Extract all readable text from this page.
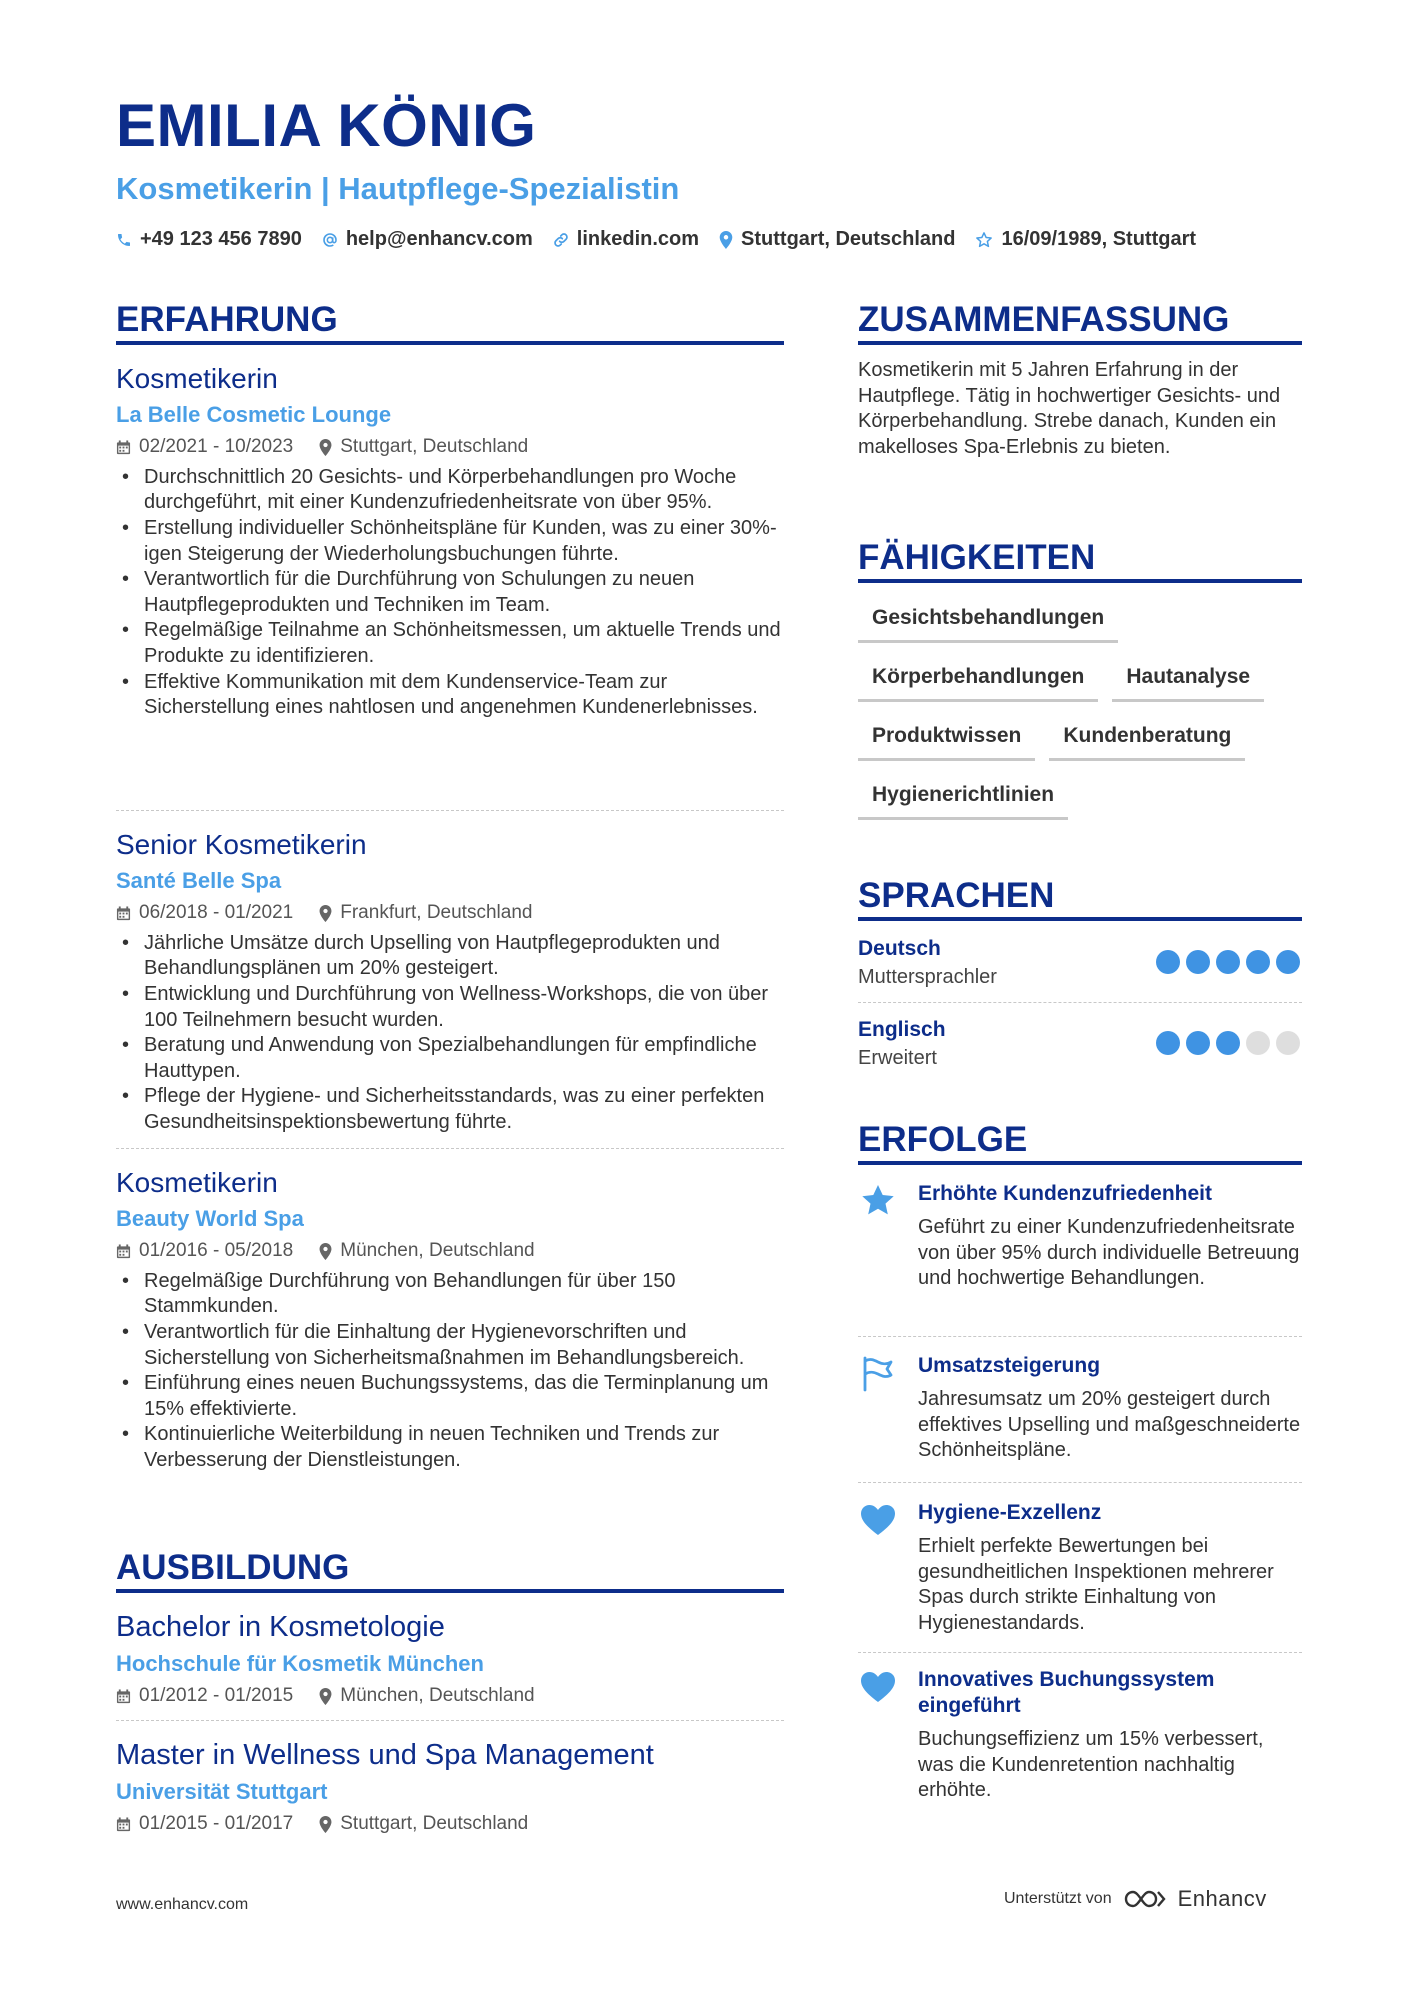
EMILIA KÖNIG
Kosmetikerin | Hautpflege-Spezialistin
+49 123 456 7890 help@enhancv.com linkedin.com Stuttgart, Deutschland 16/09/1989, Stuttgart
ERFAHRUNG
Kosmetikerin
La Belle Cosmetic Lounge
02/2021 - 10/2023 Stuttgart, Deutschland
• Durchschnittlich 20 Gesichts- und Körperbehandlungen pro Woche durchgeführt, mit einer Kundenzufriedenheitsrate von über 95%.
• Erstellung individueller Schönheitspläne für Kunden, was zu einer 30%-igen Steigerung der Wiederholungsbuchungen führte.
• Verantwortlich für die Durchführung von Schulungen zu neuen Hautpflegeprodukten und Techniken im Team.
• Regelmäßige Teilnahme an Schönheitsmessen, um aktuelle Trends und Produkte zu identifizieren.
• Effektive Kommunikation mit dem Kundenservice-Team zur Sicherstellung eines nahtlosen und angenehmen Kundenerlebnisses.
Senior Kosmetikerin
Santé Belle Spa
06/2018 - 01/2021 Frankfurt, Deutschland
• Jährliche Umsätze durch Upselling von Hautpflegeprodukten und Behandlungsplänen um 20% gesteigert.
• Entwicklung und Durchführung von Wellness-Workshops, die von über 100 Teilnehmern besucht wurden.
• Beratung und Anwendung von Spezialbehandlungen für empfindliche Hauttypen.
• Pflege der Hygiene- und Sicherheitsstandards, was zu einer perfekten Gesundheitsinspektionsbewertung führte.
Kosmetikerin
Beauty World Spa
01/2016 - 05/2018 München, Deutschland
• Regelmäßige Durchführung von Behandlungen für über 150 Stammkunden.
• Verantwortlich für die Einhaltung der Hygienevorschriften und Sicherstellung von Sicherheitsmaßnahmen im Behandlungsbereich.
• Einführung eines neuen Buchungssystems, das die Terminplanung um 15% effektivierte.
• Kontinuierliche Weiterbildung in neuen Techniken und Trends zur Verbesserung der Dienstleistungen.
AUSBILDUNG
Bachelor in Kosmetologie
Hochschule für Kosmetik München
01/2012 - 01/2015 München, Deutschland
Master in Wellness und Spa Management
Universität Stuttgart
01/2015 - 01/2017 Stuttgart, Deutschland
ZUSAMMENFASSUNG
Kosmetikerin mit 5 Jahren Erfahrung in der Hautpflege. Tätig in hochwertiger Gesichts- und Körperbehandlung. Strebe danach, Kunden ein makelloses Spa-Erlebnis zu bieten.
FÄHIGKEITEN
Gesichtsbehandlungen
Körperbehandlungen	Hautanalyse
Produktwissen	Kundenberatung
Hygienerichtlinien
SPRACHEN
Deutsch
Muttersprachler
Englisch
Erweitert
ERFOLGE
Erhöhte Kundenzufriedenheit
Geführt zu einer Kundenzufriedenheitsrate von über 95% durch individuelle Betreuung und hochwertige Behandlungen.
Umsatzsteigerung
Jahresumsatz um 20% gesteigert durch effektives Upselling und maßgeschneiderte Schönheitspläne.
Hygiene-Exzellenz
Erhielt perfekte Bewertungen bei gesundheitlichen Inspektionen mehrerer Spas durch strikte Einhaltung von Hygienestandards.
Innovatives Buchungssystem eingeführt
Buchungseffizienz um 15% verbessert, was die Kundenretention nachhaltig erhöhte.
www.enhancv.com	Unterstützt von	Enhancv
